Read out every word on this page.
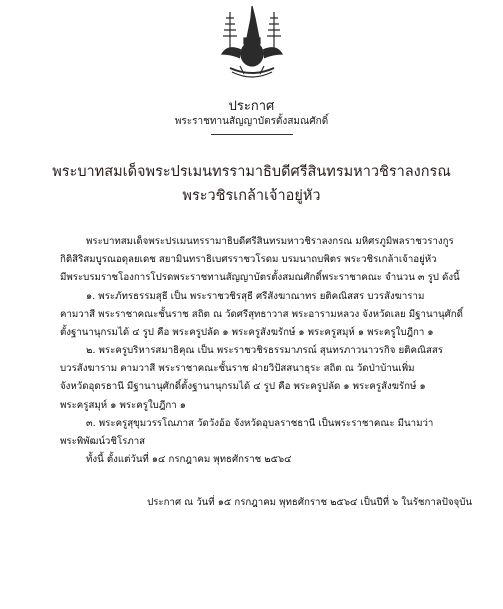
ประกาศ
พระราชทานสัญญาบัตรตั้งสมณศักดิ์
พระบาทสมเด็จพระปรเมนทรรามาธิบดีศรีสินทรมหาวชิราลงกรณ
พระวชิรเกล้าเจ้าอยู่หัว
พระบาทสมเด็จพระปรเมนทรรามาธิบดีศรีสินทรมหาวชิราลงกรณ มหิศรภูมิพลราชวรางกูร
กิติสิริสมบูรณอดุลยเดช สยามินทราธิเบศรราชวโรดม บรมนาถบพิตร พระวชิรเกล้าเจ้าอยู่หัว
มีพระบรมราชโองการโปรดพระราชทานสัญญาบัตรตั้งสมณศักดิ์พระราชาคณะ จำนวน ๓ รูป ดังนี้
๑. พระภัทรธรรมสุธี เป็น พระราชวชิรสุธี ศรีสังฆาณาทร ยติคณิสสร บวรสังฆาราม
คามวาสี พระราชาคณะชั้นราช สถิต ณ วัดศรีสุทธาวาส พระอารามหลวง จังหวัดเลย มีฐานานุศักดิ์
ตั้งฐานานุกรมได้ ๔ รูป คือ พระครูปลัด ๑ พระครูสังฆรักษ์ ๑ พระครูสมุห์ ๑ พระครูใบฎีกา ๑
๒. พระครูบริหารสมาธิคุณ เป็น พระราชวชิรธรรมาภรณ์ สุนทรภาวนาวรกิจ ยติคณิสสร
บวรสังฆาราม คามวาสี พระราชาคณะชั้นราช ฝ่ายวิปัสสนาธุระ สถิต ณ วัดป่าบ้านเพิ่ม
จังหวัดอุดรธานี มีฐานานุศักดิ์ตั้งฐานานุกรมได้ ๔ รูป คือ พระครูปลัด ๑ พระครูสังฆรักษ์ ๑
พระครูสมุห์ ๑ พระครูใบฎีกา ๑
๓. พระครูสุขุมวรรโณภาส วัดวังอ้อ จังหวัดอุบลราชธานี เป็นพระราชาคณะ มีนามว่า
พระพิพัฒน์วชิโรภาส
ทั้งนี้ ตั้งแต่วันที่ ๑๔ กรกฎาคม พุทธศักราช ๒๕๖๔
ประกาศ ณ วันที่ ๑๕ กรกฎาคม พุทธศักราช ๒๕๖๔ เป็นปีที่ ๖ ในรัชกาลปัจจุบัน
